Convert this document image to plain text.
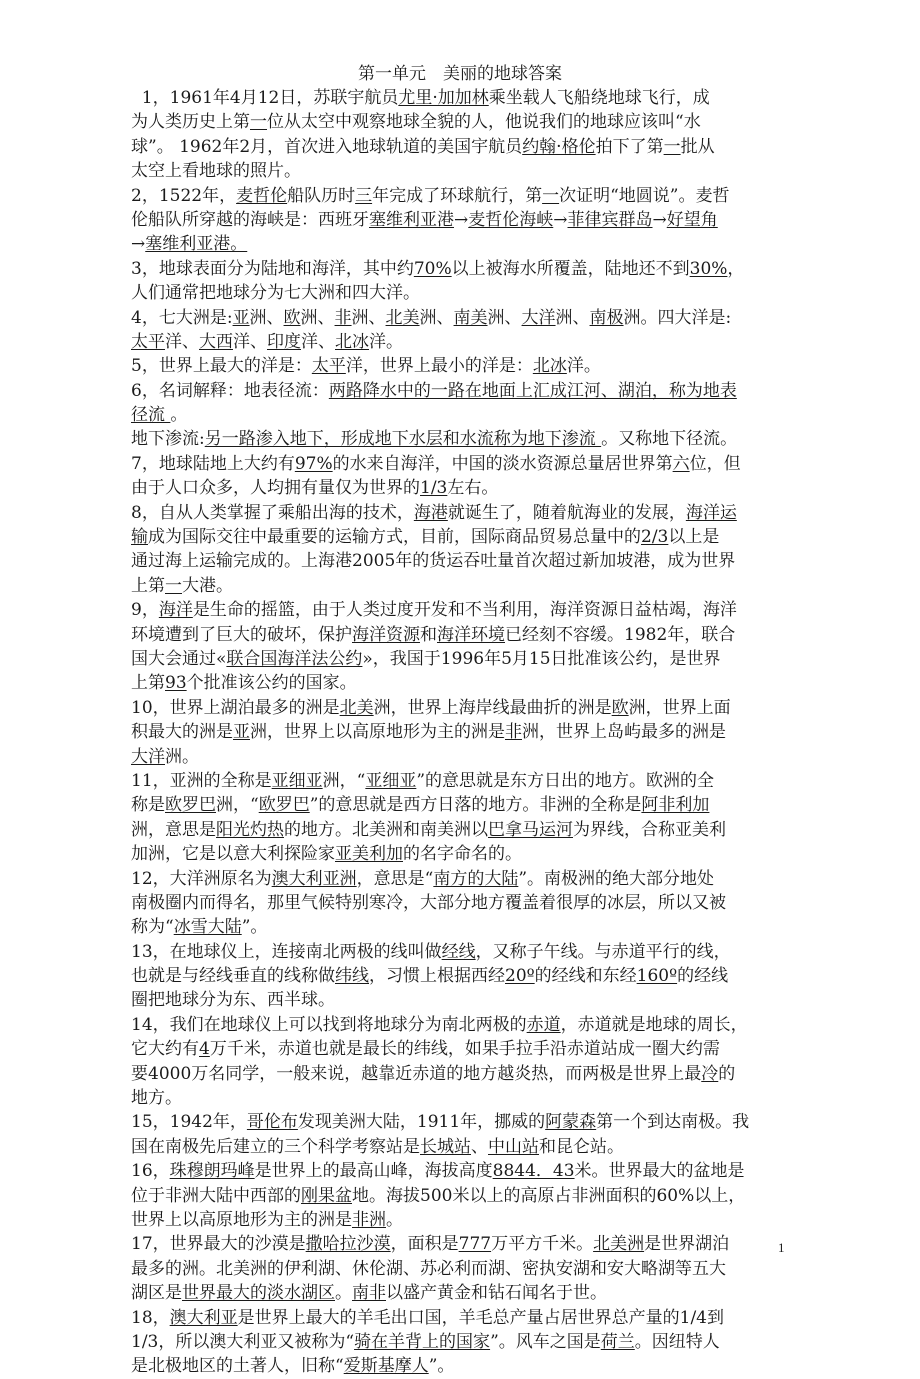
第一单元　美丽的地球答案
1，1961年4月12日，苏联宇航员尤里·加加林乘坐载人飞船绕地球飞行，成
为人类历史上第一位从太空中观察地球全貌的人，他说我们的地球应该叫“水
球”。 1962年2月，首次进入地球轨道的美国宇航员约翰·格伦拍下了第一批从
太空上看地球的照片。
2，1522年，麦哲伦船队历时三年完成了环球航行，第一次证明“地圆说”。麦哲
伦船队所穿越的海峡是：西班牙塞维利亚港→麦哲伦海峡→菲律宾群岛→好望角
→塞维利亚港。
3，地球表面分为陆地和海洋，其中约70%以上被海水所覆盖，陆地还不到30%，
人们通常把地球分为七大洲和四大洋。
4，七大洲是:亚洲、欧洲、非洲、北美洲、南美洲、大洋洲、南极洲。四大洋是:
太平洋、大西洋、印度洋、北冰洋。
5，世界上最大的洋是：太平洋，世界上最小的洋是：北冰洋。
6，名词解释：地表径流：两路降水中的一路在地面上汇成江河、湖泊，称为地表
径流 。
地下渗流:另一路渗入地下，形成地下水层和水流称为地下渗流 。又称地下径流。
7，地球陆地上大约有97%的水来自海洋，中国的淡水资源总量居世界第六位，但
由于人口众多，人均拥有量仅为世界的1/3左右。
8，自从人类掌握了乘船出海的技术，海港就诞生了，随着航海业的发展，海洋运
输成为国际交往中最重要的运输方式，目前，国际商品贸易总量中的2/3以上是
通过海上运输完成的。上海港2005年的货运吞吐量首次超过新加坡港，成为世界
上第一大港。
9，海洋是生命的摇篮，由于人类过度开发和不当利用，海洋资源日益枯竭，海洋
环境遭到了巨大的破坏，保护海洋资源和海洋环境已经刻不容缓。1982年，联合
国大会通过«联合国海洋法公约»，我国于1996年5月15日批准该公约，是世界
上第93个批准该公约的国家。
10，世界上湖泊最多的洲是北美洲，世界上海岸线最曲折的洲是欧洲，世界上面
积最大的洲是亚洲，世界上以高原地形为主的洲是非洲，世界上岛屿最多的洲是
大洋洲。
11，亚洲的全称是亚细亚洲，“亚细亚”的意思就是东方日出的地方。欧洲的全
称是欧罗巴洲，“欧罗巴”的意思就是西方日落的地方。非洲的全称是阿非利加
洲，意思是阳光灼热的地方。北美洲和南美洲以巴拿马运河为界线，合称亚美利
加洲，它是以意大利探险家亚美利加的名字命名的。
12，大洋洲原名为澳大利亚洲，意思是“南方的大陆”。南极洲的绝大部分地处
南极圈内而得名，那里气候特别寒冷，大部分地方覆盖着很厚的冰层，所以又被
称为“冰雪大陆”。
13，在地球仪上，连接南北两极的线叫做经线，又称子午线。与赤道平行的线，
也就是与经线垂直的线称做纬线，习惯上根据西经20º的经线和东经160º的经线
圈把地球分为东、西半球。
14，我们在地球仪上可以找到将地球分为南北两极的赤道，赤道就是地球的周长，
它大约有4万千米，赤道也就是最长的纬线，如果手拉手沿赤道站成一圈大约需
要4000万名同学，一般来说，越靠近赤道的地方越炎热，而两极是世界上最冷的
地方。
15，1942年，哥伦布发现美洲大陆，1911年，挪威的阿蒙森第一个到达南极。我
国在南极先后建立的三个科学考察站是长城站、中山站和昆仑站。
16，珠穆朗玛峰是世界上的最高山峰，海拔高度8844．43米。世界最大的盆地是
位于非洲大陆中西部的刚果盆地。海拔500米以上的高原占非洲面积的60%以上，
世界上以高原地形为主的洲是非洲。
17，世界最大的沙漠是撒哈拉沙漠，面积是777万平方千米。北美洲是世界湖泊
最多的洲。北美洲的伊利湖、休伦湖、苏必利而湖、密执安湖和安大略湖等五大
湖区是世界最大的淡水湖区。南非以盛产黄金和钻石闻名于世。
18，澳大利亚是世界上最大的羊毛出口国，羊毛总产量占居世界总产量的1/4到
1/3，所以澳大利亚又被称为“骑在羊背上的国家”。风车之国是荷兰。因纽特人
是北极地区的土著人，旧称“爱斯基摩人”。
1
